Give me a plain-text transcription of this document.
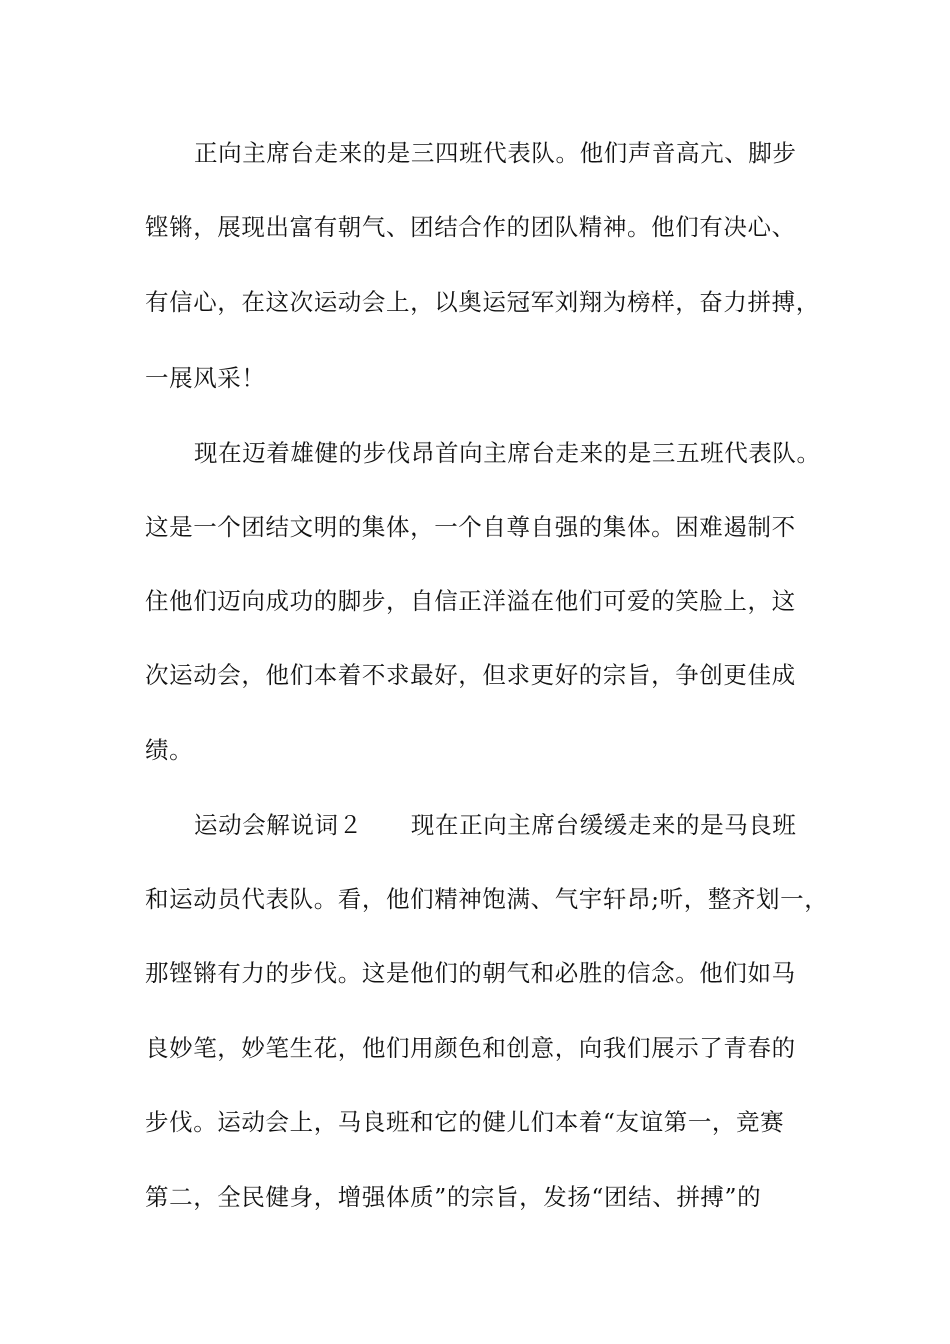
正向主席台走来的是三四班代表队。他们声音高亢、脚步
铿锵，展现出富有朝气、团结合作的团队精神。他们有决心、
有信心，在这次运动会上，以奥运冠军刘翔为榜样，奋力拼搏，
一展风采！
现在迈着雄健的步伐昂首向主席台走来的是三五班代表队。
这是一个团结文明的集体，一个自尊自强的集体。困难遏制不
住他们迈向成功的脚步，自信正洋溢在他们可爱的笑脸上，这
次运动会，他们本着不求最好，但求更好的宗旨，争创更佳成
绩。
运动会解说词２　　现在正向主席台缓缓走来的是马良班
和运动员代表队。看，他们精神饱满、气宇轩昂;听，整齐划一，
那铿锵有力的步伐。这是他们的朝气和必胜的信念。他们如马
良妙笔，妙笔生花，他们用颜色和创意，向我们展示了青春的
步伐。运动会上，马良班和它的健儿们本着“友谊第一，竞赛
第二，全民健身，增强体质”的宗旨，发扬“团结、拼搏”的
